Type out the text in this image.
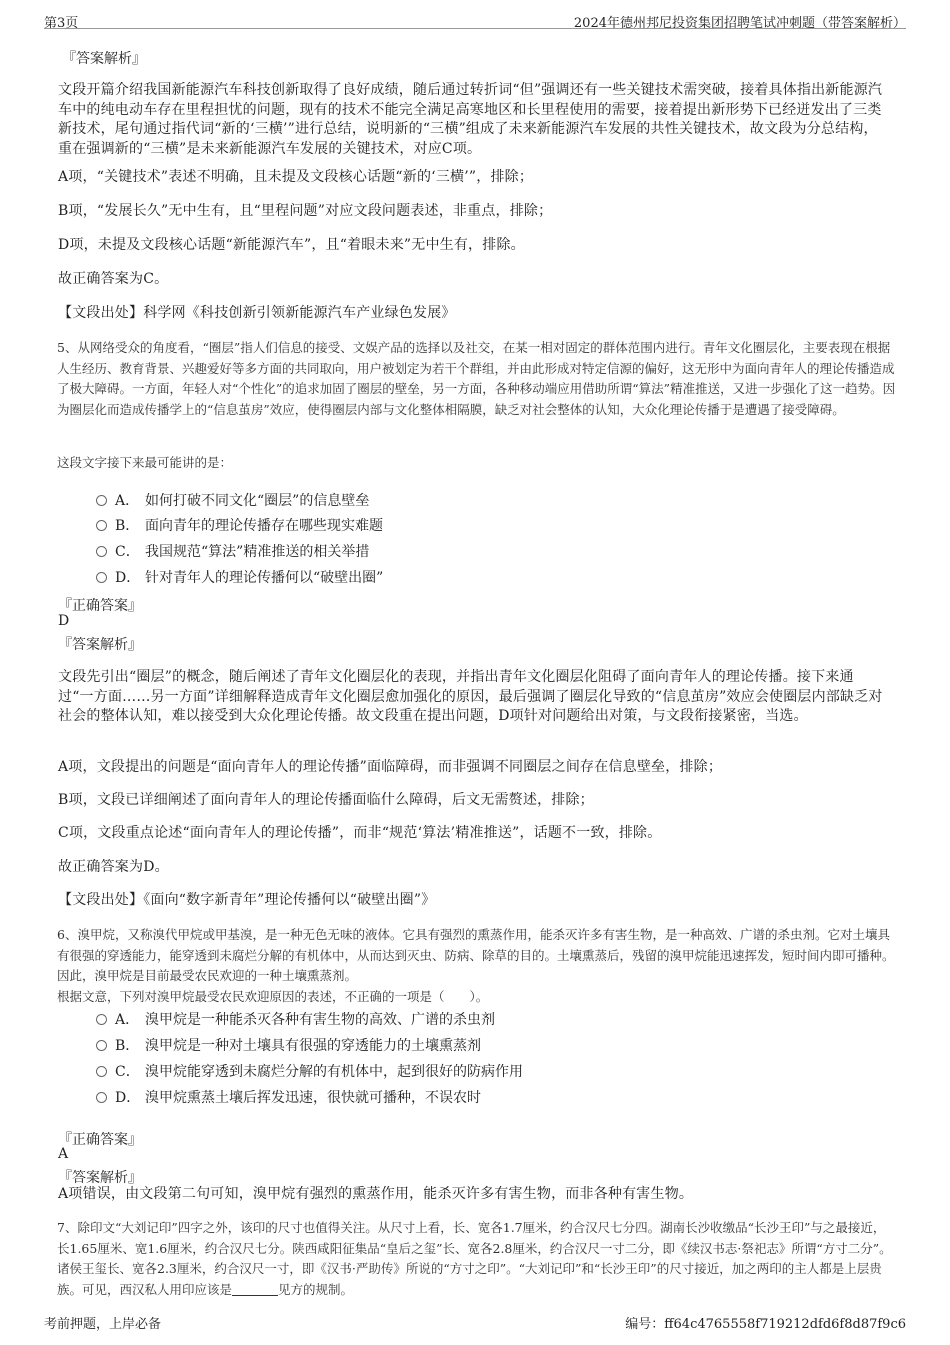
第3页	2024年德州邦尼投资集团招聘笔试冲刺题（带答案解析）
『答案解析』
文段开篇介绍我国新能源汽车科技创新取得了良好成绩，随后通过转折词“但”强调还有一些关键技术需突破，接着具体指出新能源汽车中的纯电动车存在里程担忧的问题，现有的技术不能完全满足高寒地区和长里程使用的需要，接着提出新形势下已经迸发出了三类新技术，尾句通过指代词“新的‘三横’”进行总结，说明新的“三横”组成了未来新能源汽车发展的共性关键技术，故文段为分总结构，重在强调新的“三横”是未来新能源汽车发展的关键技术，对应C项。
A项，“关键技术”表述不明确，且未提及文段核心话题“新的‘三横’”，排除；
B项，“发展长久”无中生有，且“里程问题”对应文段问题表述，非重点，排除；
D项，未提及文段核心话题“新能源汽车”，且“着眼未来”无中生有，排除。
故正确答案为C。
【文段出处】科学网《科技创新引领新能源汽车产业绿色发展》
5、从网络受众的角度看，“圈层”指人们信息的接受、文娱产品的选择以及社交，在某一相对固定的群体范围内进行。青年文化圈层化，主要表现在根据人生经历、教育背景、兴趣爱好等多方面的共同取向，用户被划定为若干个群组，并由此形成对特定信源的偏好，这无形中为面向青年人的理论传播造成了极大障碍。一方面，年轻人对“个性化”的追求加固了圈层的壁垒，另一方面，各种移动端应用借助所谓“算法”精准推送，又进一步强化了这一趋势。因为圈层化而造成传播学上的“信息茧房”效应，使得圈层内部与文化整体相隔膜，缺乏对社会整体的认知，大众化理论传播于是遭遇了接受障碍。
这段文字接下来最可能讲的是：
A． 如何打破不同文化“圈层”的信息壁垒
B． 面向青年的理论传播存在哪些现实难题
C． 我国规范“算法”精准推送的相关举措
D． 针对青年人的理论传播何以“破壁出圈”
『正确答案』
D
『答案解析』
文段先引出“圈层”的概念，随后阐述了青年文化圈层化的表现，并指出青年文化圈层化阻碍了面向青年人的理论传播。接下来通过“一方面……另一方面”详细解释造成青年文化圈层愈加强化的原因，最后强调了圈层化导致的“信息茧房”效应会使圈层内部缺乏对社会的整体认知，难以接受到大众化理论传播。故文段重在提出问题，D项针对问题给出对策，与文段衔接紧密，当选。
A项，文段提出的问题是“面向青年人的理论传播”面临障碍，而非强调不同圈层之间存在信息壁垒，排除；
B项，文段已详细阐述了面向青年人的理论传播面临什么障碍，后文无需赘述，排除；
C项，文段重点论述“面向青年人的理论传播”，而非“规范‘算法’精准推送”，话题不一致，排除。
故正确答案为D。
【文段出处】《面向“数字新青年”理论传播何以“破壁出圈”》
6、溴甲烷，又称溴代甲烷或甲基溴，是一种无色无味的液体。它具有强烈的熏蒸作用，能杀灭许多有害生物，是一种高效、广谱的杀虫剂。它对土壤具有很强的穿透能力，能穿透到未腐烂分解的有机体中，从而达到灭虫、防病、除草的目的。土壤熏蒸后，残留的溴甲烷能迅速挥发，短时间内即可播种。因此，溴甲烷是目前最受农民欢迎的一种土壤熏蒸剂。
根据文意，下列对溴甲烷最受农民欢迎原因的表述，不正确的一项是（　　）。
A． 溴甲烷是一种能杀灭各种有害生物的高效、广谱的杀虫剂
B． 溴甲烷是一种对土壤具有很强的穿透能力的土壤熏蒸剂
C． 溴甲烷能穿透到未腐烂分解的有机体中，起到很好的防病作用
D． 溴甲烷熏蒸土壤后挥发迅速，很快就可播种，不误农时
『正确答案』
A
『答案解析』
A项错误，由文段第二句可知，溴甲烷有强烈的熏蒸作用，能杀灭许多有害生物，而非各种有害生物。
7、除印文“大刘记印”四字之外，该印的尺寸也值得关注。从尺寸上看，长、宽各1.7厘米，约合汉尺七分四。湖南长沙收缴品“长沙王印”与之最接近，长1.65厘米、宽1.6厘米，约合汉尺七分。陕西咸阳征集品“皇后之玺”长、宽各2.8厘米，约合汉尺一寸二分，即《续汉书志·祭祀志》所谓“方寸二分”。诸侯王玺长、宽各2.3厘米，约合汉尺一寸，即《汉书·严助传》所说的“方寸之印”。“大刘记印”和“长沙王印”的尺寸接近，加之两印的主人都是上层贵族。可见，西汉私人用印应该是	见方的规制。
考前押题，上岸必备	编号：ff64c4765558f719212dfd6f8d87f9c6
